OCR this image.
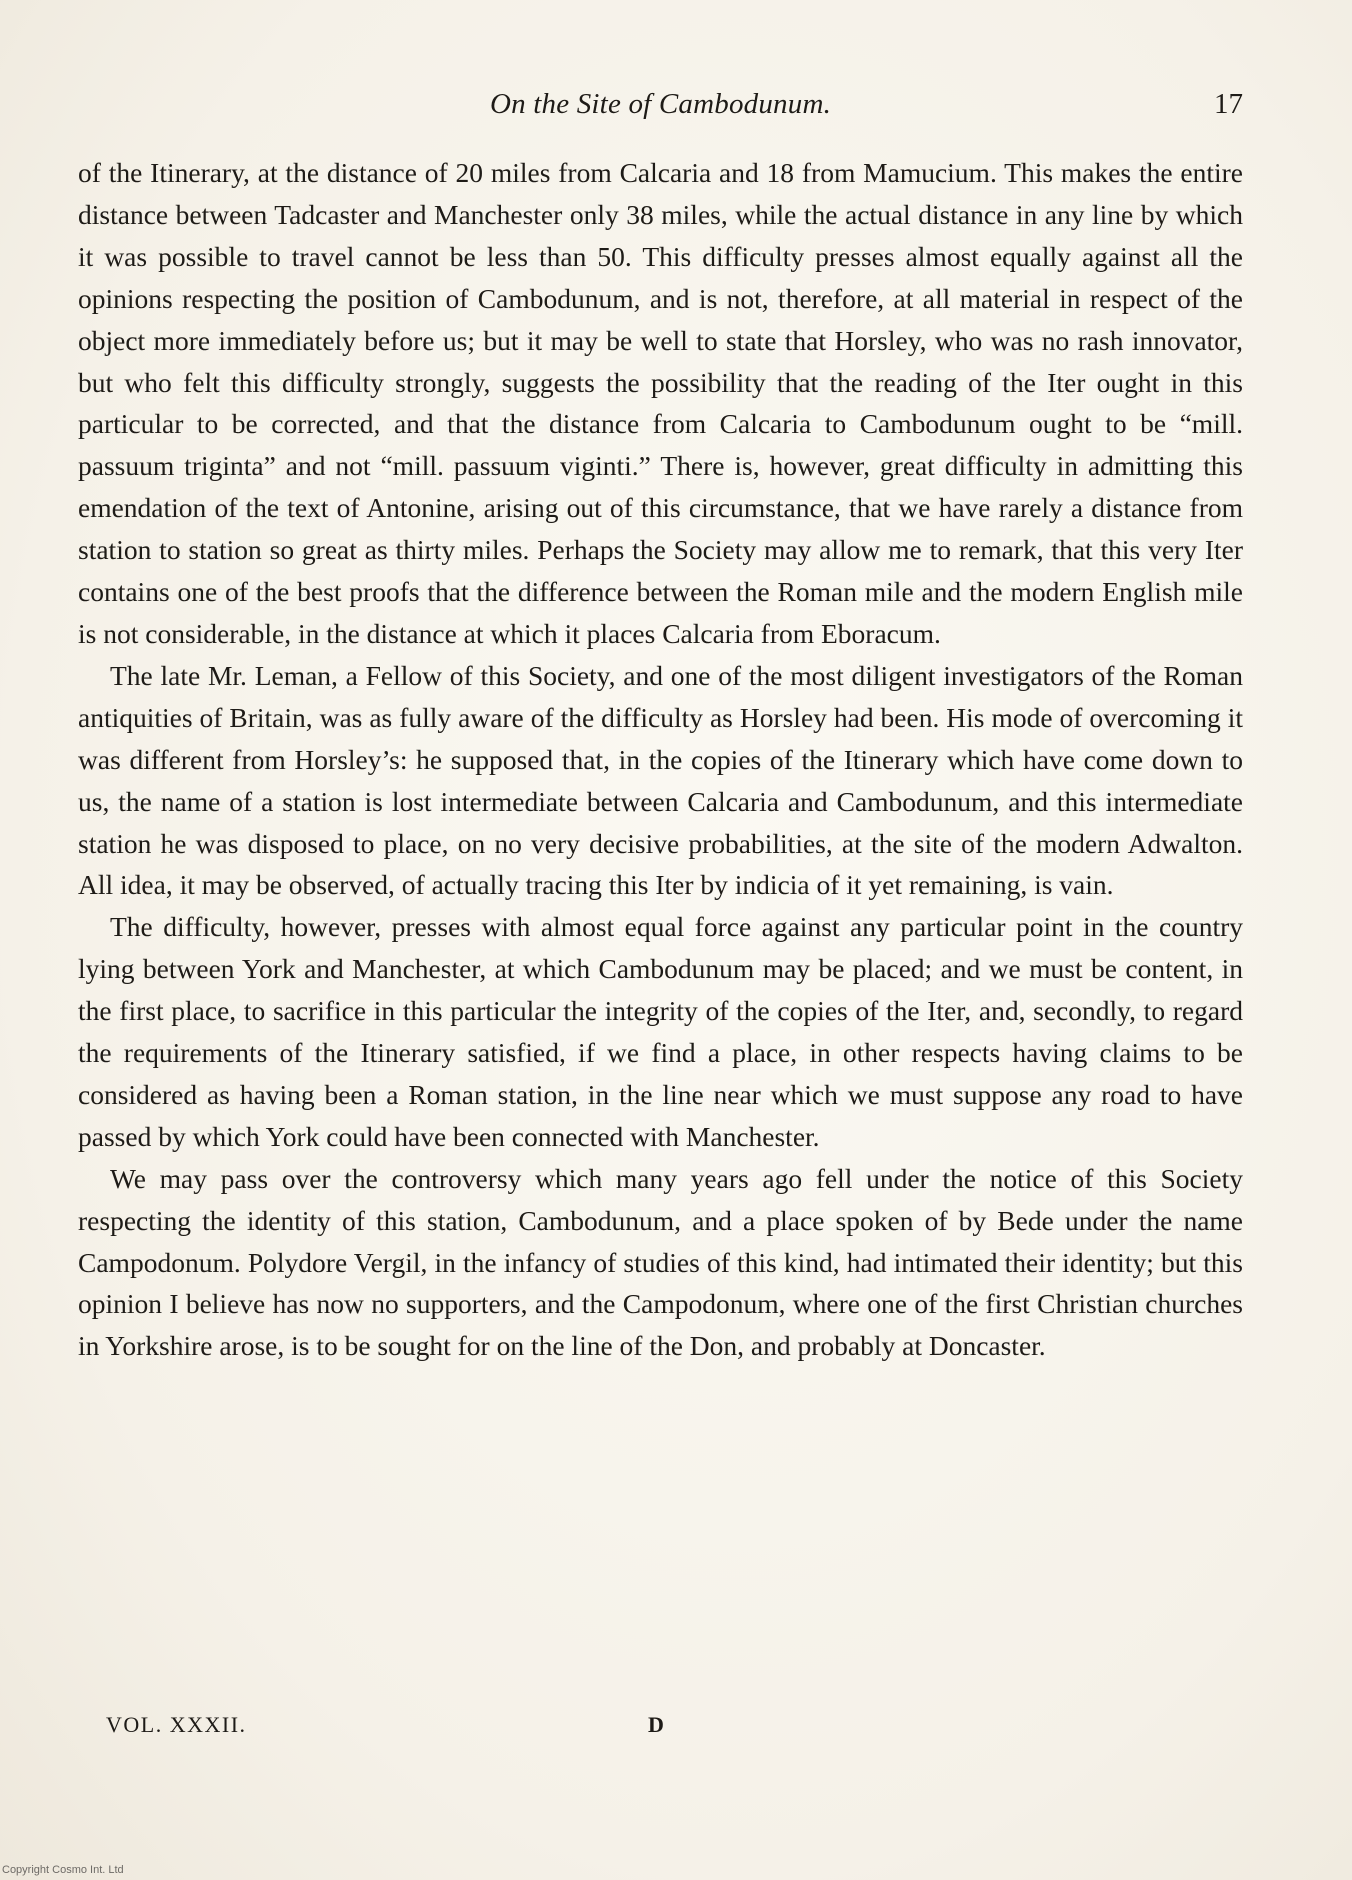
On the Site of Cambodunum.	17

of the Itinerary, at the distance of 20 miles from Calcaria and 18 from Mamucium. This makes the entire distance between Tadcaster and Manchester only 38 miles, while the actual distance in any line by which it was possible to travel cannot be less than 50. This difficulty presses almost equally against all the opinions respecting the position of Cambodunum, and is not, therefore, at all material in respect of the object more immediately before us; but it may be well to state that Horsley, who was no rash innovator, but who felt this difficulty strongly, suggests the possibility that the reading of the Iter ought in this particular to be corrected, and that the distance from Calcaria to Cambodunum ought to be “mill. passuum triginta” and not “mill. passuum viginti.” There is, however, great difficulty in admitting this emendation of the text of Antonine, arising out of this circumstance, that we have rarely a distance from station to station so great as thirty miles. Perhaps the Society may allow me to remark, that this very Iter contains one of the best proofs that the difference between the Roman mile and the modern English mile is not considerable, in the distance at which it places Calcaria from Eboracum.

The late Mr. Leman, a Fellow of this Society, and one of the most diligent investigators of the Roman antiquities of Britain, was as fully aware of the difficulty as Horsley had been. His mode of overcoming it was different from Horsley’s: he supposed that, in the copies of the Itinerary which have come down to us, the name of a station is lost intermediate between Calcaria and Cambodunum, and this intermediate station he was disposed to place, on no very decisive probabilities, at the site of the modern Adwalton. All idea, it may be observed, of actually tracing this Iter by indicia of it yet remaining, is vain.

The difficulty, however, presses with almost equal force against any particular point in the country lying between York and Manchester, at which Cambodunum may be placed; and we must be content, in the first place, to sacrifice in this particular the integrity of the copies of the Iter, and, secondly, to regard the requirements of the Itinerary satisfied, if we find a place, in other respects having claims to be considered as having been a Roman station, in the line near which we must suppose any road to have passed by which York could have been connected with Manchester.

We may pass over the controversy which many years ago fell under the notice of this Society respecting the identity of this station, Cambodunum, and a place spoken of by Bede under the name Campodonum. Polydore Vergil, in the infancy of studies of this kind, had intimated their identity; but this opinion I believe has now no supporters, and the Campodonum, where one of the first Christian churches in Yorkshire arose, is to be sought for on the line of the Don, and probably at Doncaster.

VOL. XXXII.	D
Copyright Cosmo Int. Ltd
